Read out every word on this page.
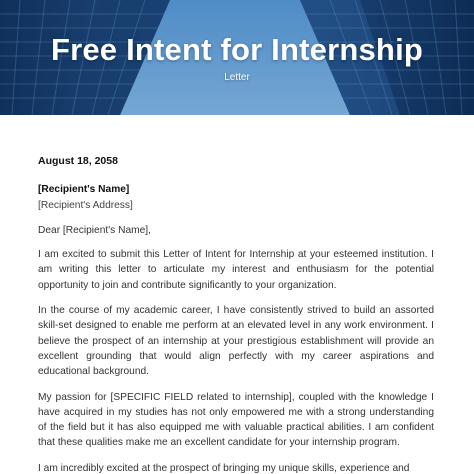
Free Intent for Internship
Letter
August 18, 2058
[Recipient's Name]
[Recipient's Address]
Dear [Recipient's Name],

I am excited to submit this Letter of Intent for Internship at your esteemed institution. I am writing this letter to articulate my interest and enthusiasm for the potential opportunity to join and contribute significantly to your organization.

In the course of my academic career, I have consistently strived to build an assorted skill-set designed to enable me perform at an elevated level in any work environment. I believe the prospect of an internship at your prestigious establishment will provide an excellent grounding that would align perfectly with my career aspirations and educational background.

My passion for [SPECIFIC FIELD related to internship], coupled with the knowledge I have acquired in my studies has not only empowered me with a strong understanding of the field but it has also equipped me with valuable practical abilities. I am confident that these qualities make me an excellent candidate for your internship program.

I am incredibly excited at the prospect of bringing my unique skills, experience and
